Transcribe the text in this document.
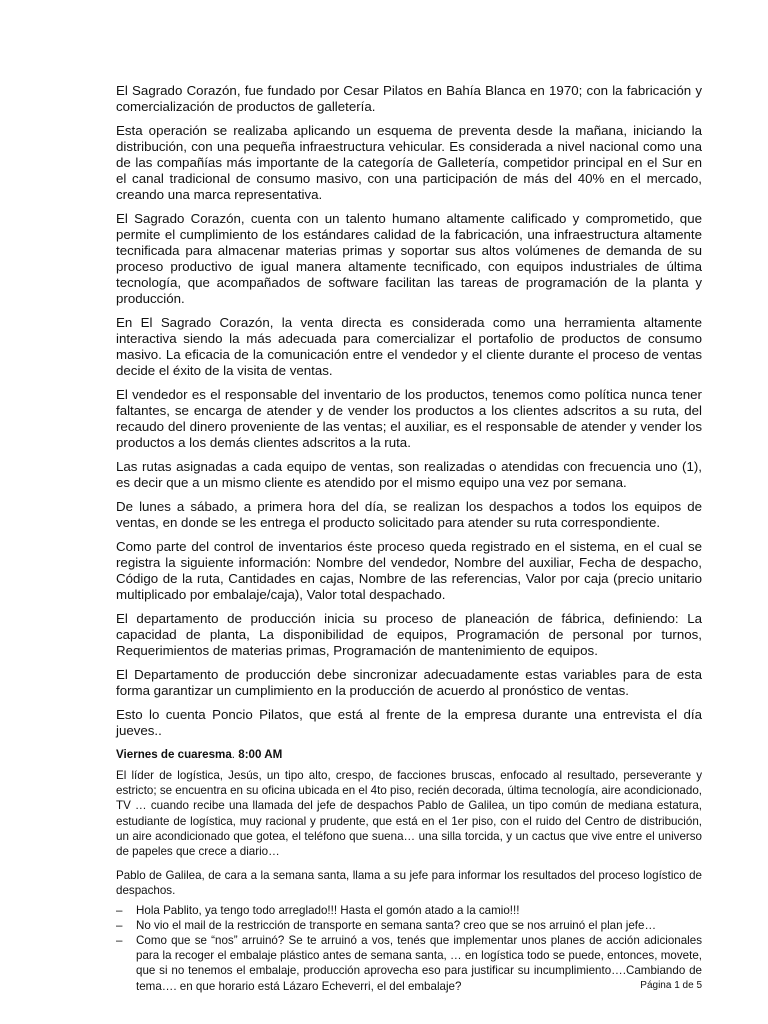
El Sagrado Corazón, fue fundado por Cesar Pilatos en Bahía Blanca en 1970; con la fabricación y comercialización de productos de galletería.

Esta operación se realizaba aplicando un esquema de preventa desde la mañana, iniciando la distribución, con una pequeña infraestructura vehicular. Es considerada a nivel nacional como una de las compañías más importante de la categoría de Galletería, competidor principal en el Sur en el canal tradicional de consumo masivo, con una participación de más del 40% en el mercado, creando una marca representativa.

El Sagrado Corazón, cuenta con un talento humano altamente calificado y comprometido, que permite el cumplimiento de los estándares calidad de la fabricación, una infraestructura altamente tecnificada para almacenar materias primas y soportar sus altos volúmenes de demanda de su proceso productivo de igual manera altamente tecnificado, con equipos industriales de última tecnología, que acompañados de software facilitan las tareas de programación de la planta y producción.

En El Sagrado Corazón, la venta directa es considerada como una herramienta altamente interactiva siendo la más adecuada para comercializar el portafolio de productos de consumo masivo. La eficacia de la comunicación entre el vendedor y el cliente durante el proceso de ventas decide el éxito de la visita de ventas.

El vendedor es el responsable del inventario de los productos, tenemos como política nunca tener faltantes, se encarga de atender y de vender los productos a los clientes adscritos a su ruta, del recaudo del dinero proveniente de las ventas; el auxiliar, es el responsable de atender y vender los productos a los demás clientes adscritos a la ruta.

Las rutas asignadas a cada equipo de ventas, son realizadas o atendidas con frecuencia uno (1), es decir que a un mismo cliente es atendido por el mismo equipo una vez por semana.

De lunes a sábado, a primera hora del día, se realizan los despachos a todos los equipos de ventas, en donde se les entrega el producto solicitado para atender su ruta correspondiente.

Como parte del control de inventarios éste proceso queda registrado en el sistema, en el cual se registra la siguiente información: Nombre del vendedor, Nombre del auxiliar, Fecha de despacho, Código de la ruta, Cantidades en cajas, Nombre de las referencias, Valor por caja (precio unitario multiplicado por embalaje/caja), Valor total despachado.

El departamento de producción inicia su proceso de planeación de fábrica, definiendo: La capacidad de planta, La disponibilidad de equipos, Programación de personal por turnos, Requerimientos de materias primas, Programación de mantenimiento de equipos.

El Departamento de producción debe sincronizar adecuadamente estas variables para de esta forma garantizar un cumplimiento en la producción de acuerdo al pronóstico de ventas.

Esto lo cuenta Poncio Pilatos, que está al frente de la empresa durante una entrevista el día jueves..

Viernes de cuaresma. 8:00 AM

El líder de logística, Jesús, un tipo alto, crespo, de facciones bruscas, enfocado al resultado, perseverante y estricto; se encuentra en su oficina ubicada en el 4to piso, recién decorada, última tecnología, aire acondicionado, TV … cuando recibe una llamada del jefe de despachos Pablo de Galilea, un tipo común de mediana estatura, estudiante de logística, muy racional y prudente, que está en el 1er piso, con el ruido del Centro de distribución, un aire acondicionado que gotea, el teléfono que suena… una silla torcida, y un cactus que vive entre el universo de papeles que crece a diario…

Pablo de Galilea, de cara a la semana santa, llama a su jefe para informar los resultados del proceso logístico de despachos.

– Hola Pablito, ya tengo todo arreglado!!! Hasta el gomón atado a la camio!!!
– No vio el mail de la restricción de transporte en semana santa? creo que se nos arruinó el plan jefe…
– Como que se “nos” arruinó? Se te arruinó a vos, tenés que implementar unos planes de acción adicionales para la recoger el embalaje plástico antes de semana santa, … en logística todo se puede, entonces, movete, que si no tenemos el embalaje, producción aprovecha eso para justificar su incumplimiento….Cambiando de tema…. en que horario está Lázaro Echeverri, el del embalaje?	Página 1 de 5
